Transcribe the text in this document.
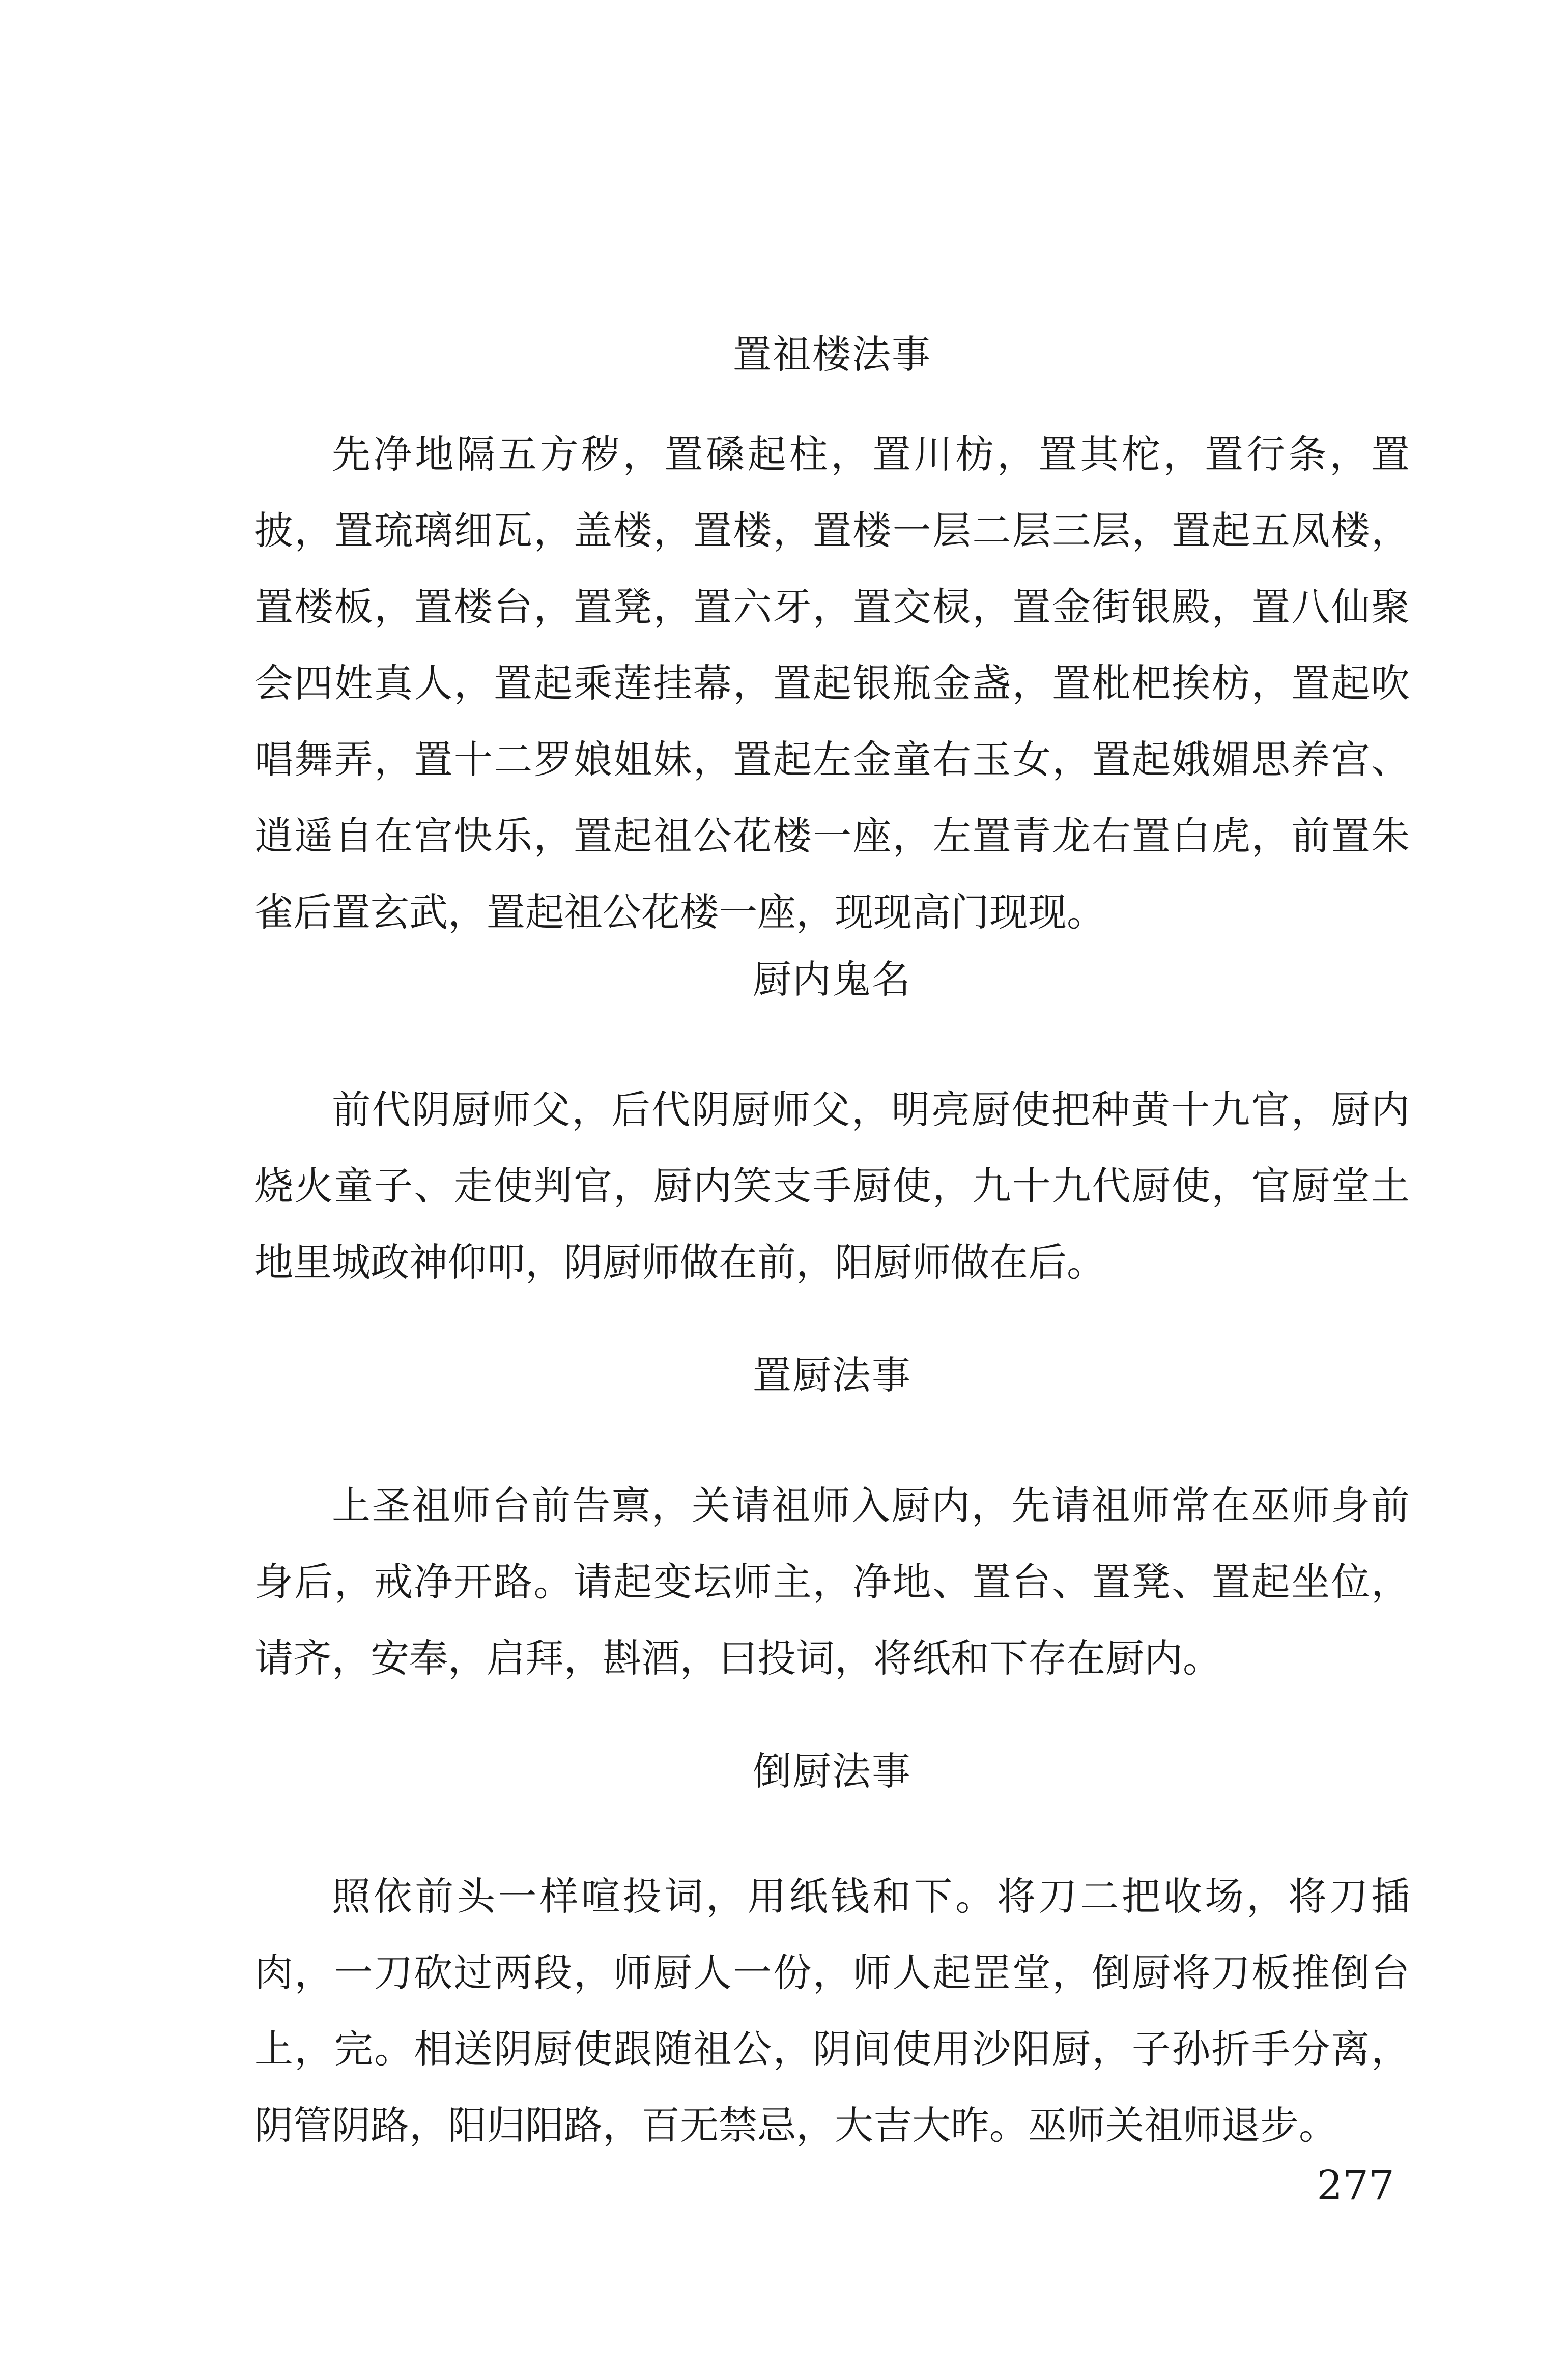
置祖楼法事
先净地隔五方秽，置磉起柱，置川枋，置其柁，置行条，置披，置琉璃细瓦，盖楼，置楼，置楼一层二层三层，置起五凤楼，置楼板，置楼台，置凳，置六牙，置交棂，置金街银殿，置八仙聚会四姓真人，置起乘莲挂幕，置起银瓶金盏，置枇杷挨枋，置起吹唱舞弄，置十二罗娘姐妹，置起左金童右玉女，置起娥媚思养宫、逍遥自在宫快乐，置起祖公花楼一座，左置青龙右置白虎，前置朱雀后置玄武，置起祖公花楼一座，现现高门现现。
厨内鬼名
前代阴厨师父，后代阴厨师父，明亮厨使把种黄十九官，厨内烧火童子、走使判官，厨内笑支手厨使，九十九代厨使，官厨堂土地里城政神仰叩，阴厨师做在前，阳厨师做在后。
置厨法事
上圣祖师台前告禀，关请祖师入厨内，先请祖师常在巫师身前身后，戒净开路。请起变坛师主，净地、置台、置凳、置起坐位，请齐，安奉，启拜，斟酒，曰投词，将纸和下存在厨内。
倒厨法事
照依前头一样喧投词，用纸钱和下。将刀二把收场，将刀插肉，一刀砍过两段，师厨人一份，师人起罡堂，倒厨将刀板推倒台上，完。相送阴厨使跟随祖公，阴间使用沙阳厨，子孙折手分离，阴管阴路，阳归阳路，百无禁忌，大吉大昨。巫师关祖师退步。
277
